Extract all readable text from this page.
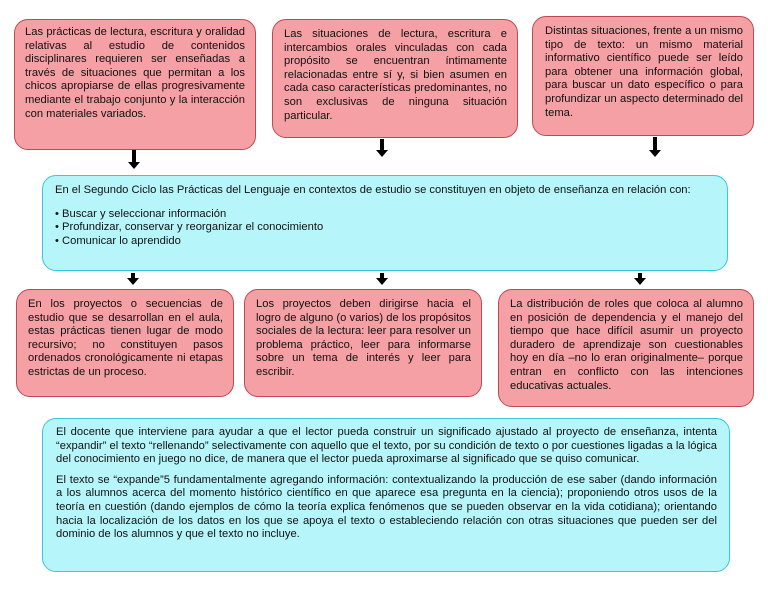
Las prácticas de lectura, escritura y oralidad relativas al estudio de contenidos disciplinares requieren ser enseñadas a través de situaciones que permitan a los chicos apropiarse de ellas progresivamente mediante el trabajo conjunto y la interacción con materiales variados.

Las situaciones de lectura, escritura e intercambios orales vinculadas con cada propósito se encuentran íntimamente relacionadas entre sí y, si bien asumen en cada caso características predominantes, no son exclusivas de ninguna situación particular.

Distintas situaciones, frente a un mismo tipo de texto: un mismo material informativo científico puede ser leído para obtener una información global, para buscar un dato específico o para profundizar un aspecto determinado del tema.

En el Segundo Ciclo las Prácticas del Lenguaje en contextos de estudio se constituyen en objeto de enseñanza en relación con:

• Buscar y seleccionar información

• Profundizar, conservar y reorganizar el conocimiento

• Comunicar lo aprendido

En los proyectos o secuencias de estudio que se desarrollan en el aula, estas prácticas tienen lugar de modo recursivo; no constituyen pasos ordenados cronológicamente ni etapas estrictas de un proceso.

Los proyectos deben dirigirse hacia el logro de alguno (o varios) de los propósitos sociales de la lectura: leer para resolver un problema práctico, leer para informarse sobre un tema de interés y leer para escribir.

La distribución de roles que coloca al alumno en posición de dependencia y el manejo del tiempo que hace difícil asumir un proyecto duradero de aprendizaje son cuestionables hoy en día –no lo eran originalmente– porque entran en conflicto con las intenciones educativas actuales.

El docente que interviene para ayudar a que el lector pueda construir un significado ajustado al proyecto de enseñanza, intenta “expandir” el texto “rellenando” selectivamente con aquello que el texto, por su condición de texto o por cuestiones ligadas a la lógica del conocimiento en juego no dice, de manera que el lector pueda aproximarse al significado que se quiso comunicar.

El texto se “expande”5 fundamentalmente agregando información: contextualizando la producción de ese saber (dando información a los alumnos acerca del momento histórico científico en que aparece esa pregunta en la ciencia); proponiendo otros usos de la teoría en cuestión (dando ejemplos de cómo la teoría explica fenómenos que se pueden observar en la vida cotidiana); orientando hacia la localización de los datos en los que se apoya el texto o estableciendo relación con otras situaciones que pueden ser del dominio de los alumnos y que el texto no incluye.
